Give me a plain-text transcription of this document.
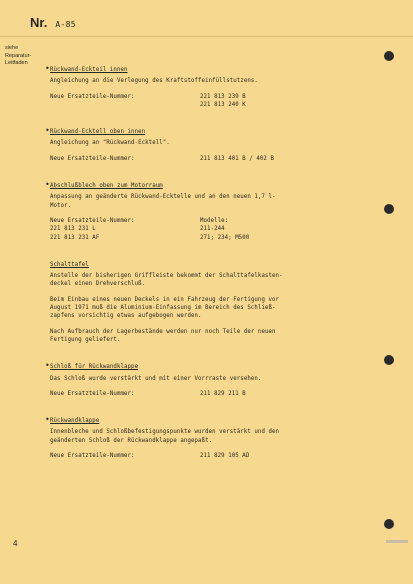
Nr. A-85
siehe
Reparatur-
Leitfaden
• Rückwand-Eckteil innen

Angleichung an die Verlegung des Kraftstoffeinfüllstutzens.

Neue Ersatzteile-Nummer:	221 813 239 B
221 813 240 K
• Rückwand-Ecktell oben innen

Angleichung an "Rückwand-Ecktell".

Neue Ersatzteile-Nummer:	211 813 401 B / 402 B
• Abschlußblech oben zum Motorraum

Anpassung an geänderte Rückwand-Ecktelle und an den neuen 1,7 l-

Motor.

Neue Ersatzteile-Nummer:	Modelle:
221 813 231 L	211-244
221 813 231 AF	271; 234; M500

Schalttafel

Anstelle der bisherigen Griffleiste bekommt der Schalttafelkasten-

deckel einen Drehverschluß.

Beim Einbau eines neuen Deckels in ein Fahrzeug der Fertigung vor

August 1971 muß die Aluminium-Einfassung im Bereich des Schließ-

zapfens vorsichtig etwas aufgebogen werden.

Nach Aufbrauch der Lagerbestände werden nur noch Teile der neuen

Fertigung geliefert.

• Schloß für Rückwandklappe

Das Schloß wurde verstärkt und mit einer Vorrraste versehen.

Neue Ersatzteile-Nummer:	211 829 211 B
• Rückwandklappe

Innenbleche und Schloßbefestigungspunkte wurden verstärkt und den

geänderten Schloß der Rückwandklappe angepaßt.

Neue Ersatzteile-Nummer:	211 829 105 AD
4
